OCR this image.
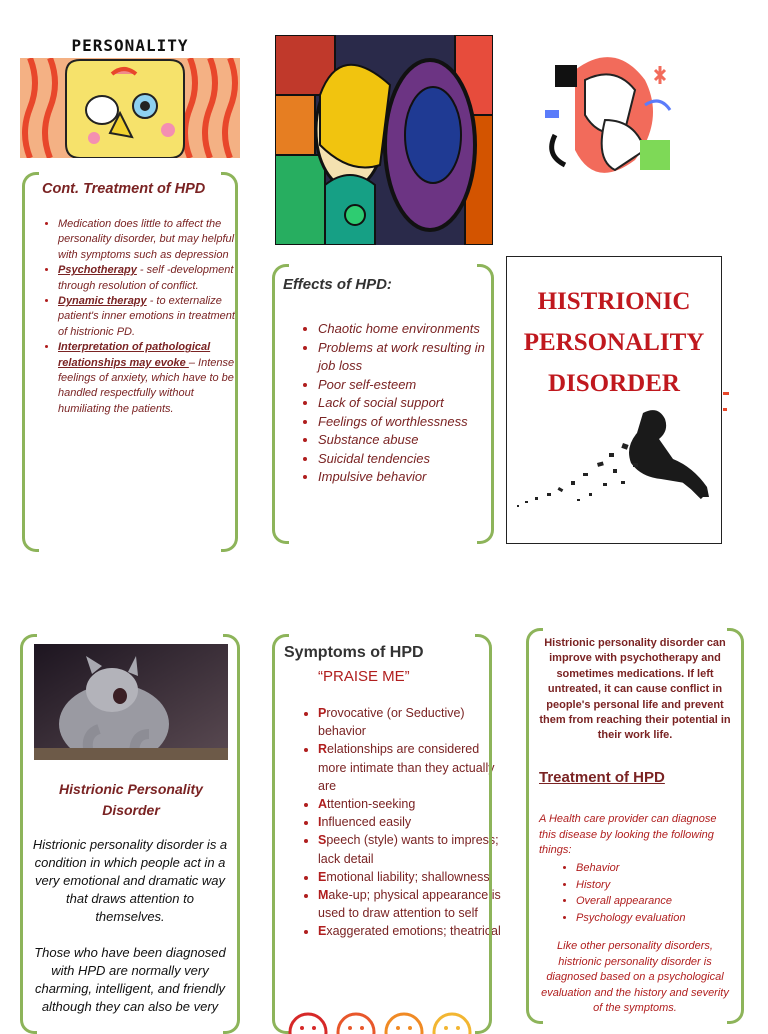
PERSONALITY
Cont. Treatment of HPD
• Medication does little to affect the personality disorder, but may helpful with symptoms such as depression
• Psychotherapy - self -development through resolution of conflict.
• Dynamic therapy - to externalize patient's inner emotions in treatment of histrionic PD.
• Interpretation of pathological relationships may evoke – Intense feelings of anxiety, which have to be handled respectfully without humiliating the patients.
Effects of HPD:
• Chaotic home environments
• Problems at work resulting in job loss
• Poor self-esteem
• Lack of social support
• Feelings of worthlessness
• Substance abuse
• Suicidal tendencies
• Impulsive behavior
HISTRIONIC
PERSONALITY
DISORDER
Histrionic Personality Disorder
Histrionic personality disorder is a condition in which people act in a very emotional and dramatic way that draws attention to themselves.
Those who have been diagnosed with HPD are normally very charming, intelligent, and friendly although they can also be very
Symptoms of HPD
“PRAISE ME”
• Provocative (or Seductive) behavior
• Relationships are considered more intimate than they actually are
• Attention-seeking
• Influenced easily
• Speech (style) wants to impress; lack detail
• Emotional liability; shallowness
• Make-up; physical appearance is used to draw attention to self
• Exaggerated emotions; theatrical
Histrionic personality disorder can improve with psychotherapy and sometimes medications. If left untreated, it can cause conflict in people's personal life and prevent them from reaching their potential in their work life.
Treatment of HPD
A Health care provider can diagnose this disease by looking the following things:
• Behavior
• History
• Overall appearance
• Psychology evaluation
Like other personality disorders, histrionic personality disorder is diagnosed based on a psychological evaluation and the history and severity of the symptoms.
